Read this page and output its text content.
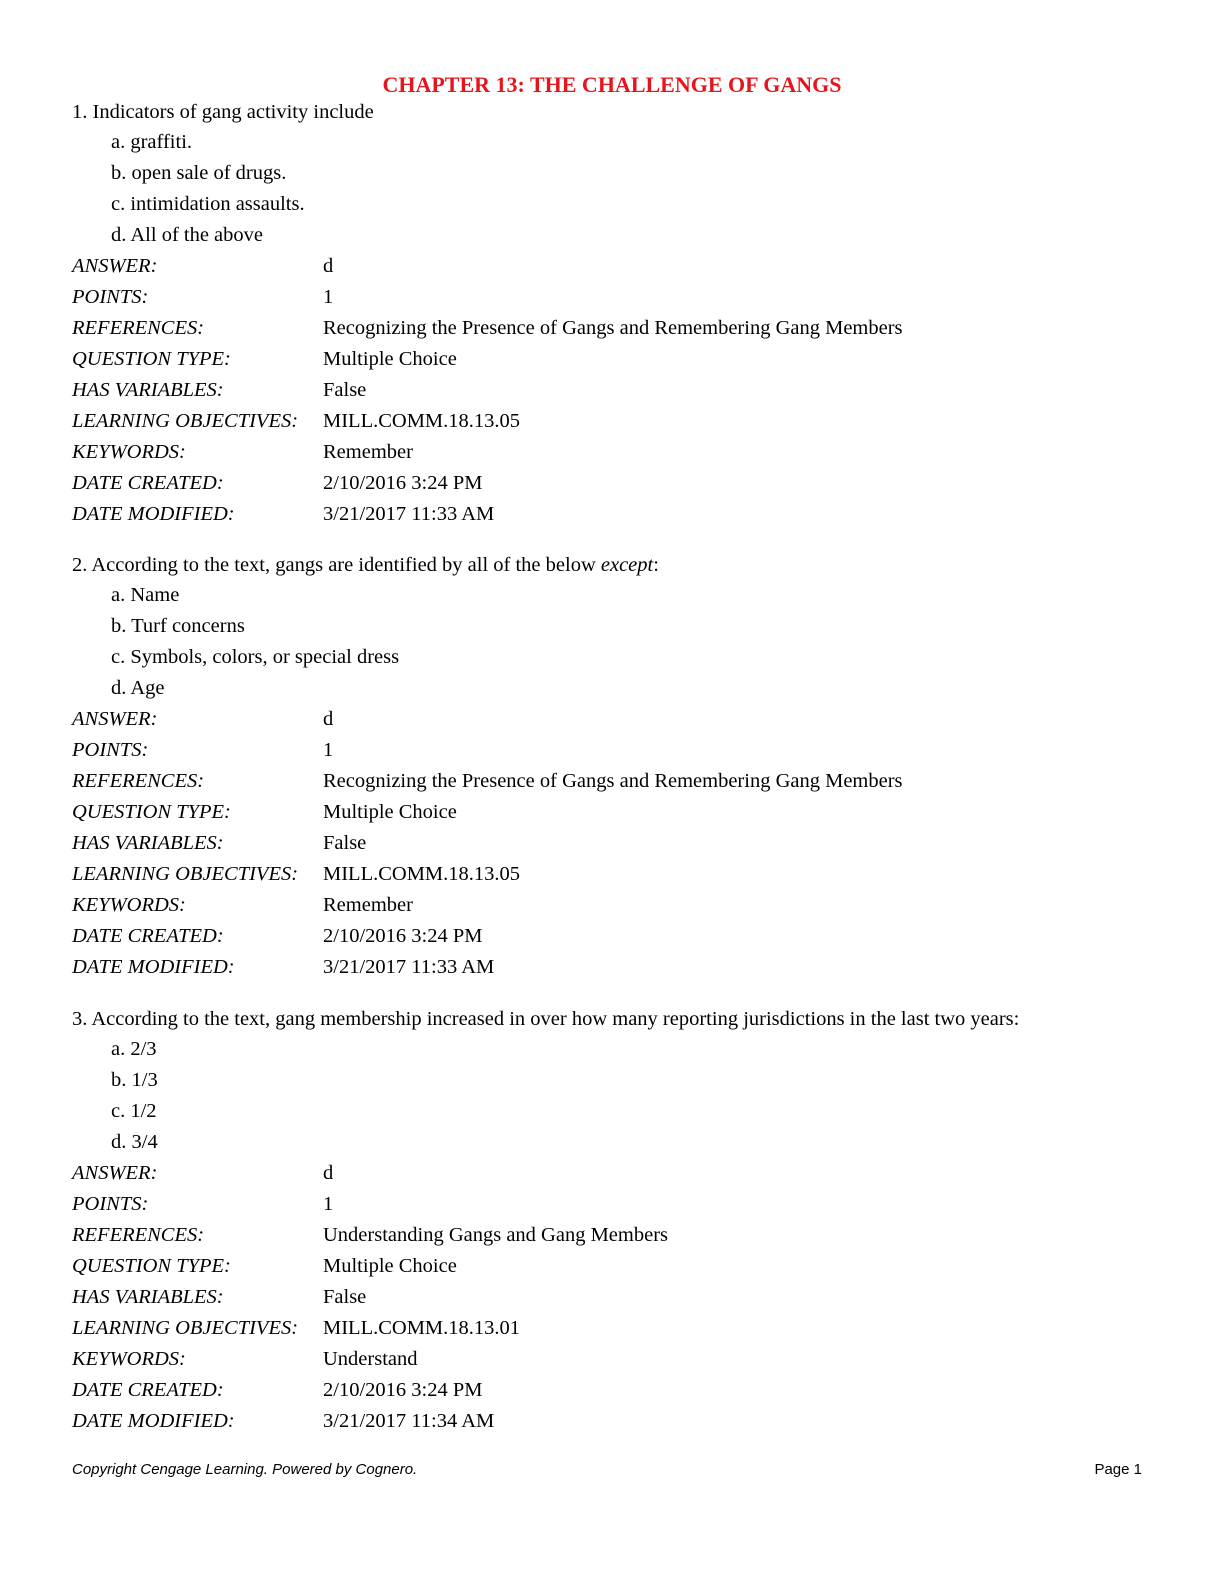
CHAPTER 13: THE CHALLENGE OF GANGS
1. Indicators of gang activity include
a. graffiti.
b. open sale of drugs.
c. intimidation assaults.
d. All of the above
ANSWER:	d
POINTS:	1
REFERENCES:	Recognizing the Presence of Gangs and Remembering Gang Members
QUESTION TYPE:	Multiple Choice
HAS VARIABLES:	False
LEARNING OBJECTIVES:	MILL.COMM.18.13.05
KEYWORDS:	Remember
DATE CREATED:	2/10/2016 3:24 PM
DATE MODIFIED:	3/21/2017 11:33 AM
2. According to the text, gangs are identified by all of the below except:
a. Name
b. Turf concerns
c. Symbols, colors, or special dress
d. Age
ANSWER:	d
POINTS:	1
REFERENCES:	Recognizing the Presence of Gangs and Remembering Gang Members
QUESTION TYPE:	Multiple Choice
HAS VARIABLES:	False
LEARNING OBJECTIVES:	MILL.COMM.18.13.05
KEYWORDS:	Remember
DATE CREATED:	2/10/2016 3:24 PM
DATE MODIFIED:	3/21/2017 11:33 AM
3. According to the text, gang membership increased in over how many reporting jurisdictions in the last two years:
a. 2/3
b. 1/3
c. 1/2
d. 3/4
ANSWER:	d
POINTS:	1
REFERENCES:	Understanding Gangs and Gang Members
QUESTION TYPE:	Multiple Choice
HAS VARIABLES:	False
LEARNING OBJECTIVES:	MILL.COMM.18.13.01
KEYWORDS:	Understand
DATE CREATED:	2/10/2016 3:24 PM
DATE MODIFIED:	3/21/2017 11:34 AM
Copyright Cengage Learning. Powered by Cognero.	Page 1
